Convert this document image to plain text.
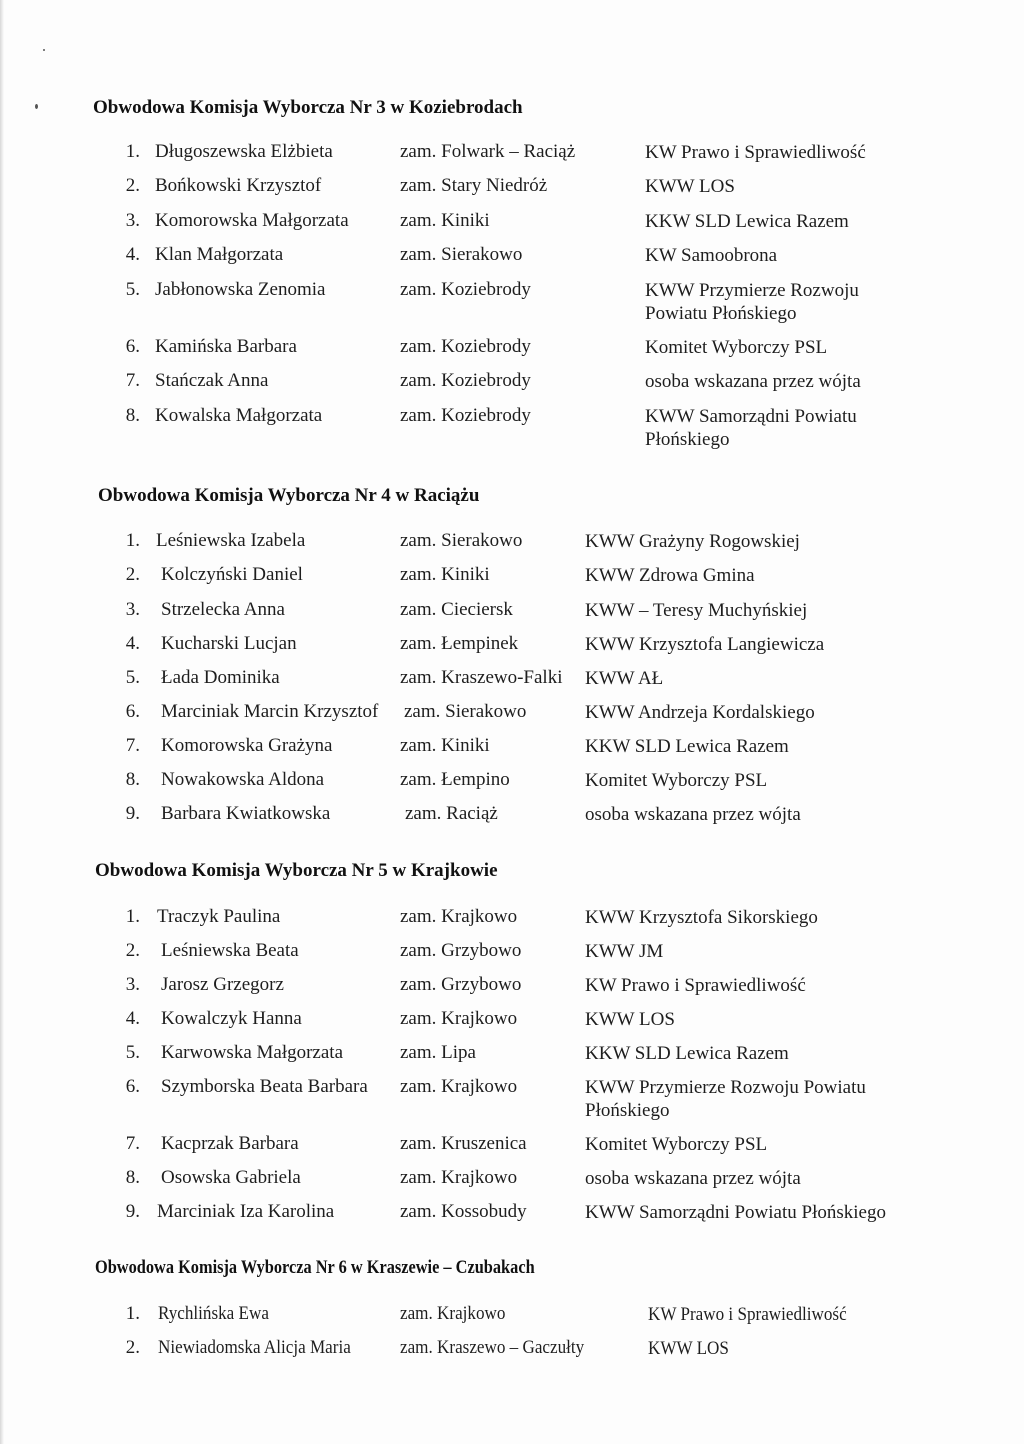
Obwodowa Komisja Wyborcza Nr 3 w Koziebrodach
1. Długoszewska Elżbieta	zam. Folwark – Raciąż	KW Prawo i Sprawiedliwość
2. Bońkowski Krzysztof	zam. Stary Niedróż	KWW LOS
3. Komorowska Małgorzata	zam. Kiniki	KKW SLD Lewica Razem
4. Klan Małgorzata	zam. Sierakowo	KW Samoobrona
5. Jabłonowska Zenomia	zam. Koziebrody	KWW Przymierze Rozwoju
Powiatu Płońskiego
6. Kamińska Barbara	zam. Koziebrody	Komitet Wyborczy PSL
7. Stańczak Anna	zam. Koziebrody	osoba wskazana przez wójta
8. Kowalska Małgorzata	zam. Koziebrody	KWW Samorządni Powiatu
Płońskiego
Obwodowa Komisja Wyborcza Nr 4 w Raciążu
1. Leśniewska Izabela	zam. Sierakowo	KWW Grażyny Rogowskiej
2. Kolczyński Daniel	zam. Kiniki	KWW Zdrowa Gmina
3. Strzelecka Anna	zam. Cieciersk	KWW – Teresy Muchyńskiej
4. Kucharski Lucjan	zam. Łempinek	KWW Krzysztofa Langiewicza
5. Łada Dominika	zam. Kraszewo-Falki KWW AŁ
6. Marciniak Marcin Krzysztof zam. Sierakowo	KWW Andrzeja Kordalskiego
7. Komorowska Grażyna	zam. Kiniki	KKW SLD Lewica Razem
8. Nowakowska Aldona	zam. Łempino	Komitet Wyborczy PSL
9. Barbara Kwiatkowska	zam. Raciąż	osoba wskazana przez wójta
Obwodowa Komisja Wyborcza Nr 5 w Krajkowie
1. Traczyk Paulina	zam. Krajkowo	KWW Krzysztofa Sikorskiego
2. Leśniewska Beata	zam. Grzybowo	KWW JM
3. Jarosz Grzegorz	zam. Grzybowo	KW Prawo i Sprawiedliwość
4. Kowalczyk Hanna	zam. Krajkowo	KWW LOS
5. Karwowska Małgorzata	zam. Lipa	KKW SLD Lewica Razem
6. Szymborska Beata Barbara zam. Krajkowo	KWW Przymierze Rozwoju Powiatu
Płońskiego
7. Kacprzak Barbara	zam. Kruszenica	Komitet Wyborczy PSL
8. Osowska Gabriela	zam. Krajkowo	osoba wskazana przez wójta
9. Marciniak Iza Karolina	zam. Kossobudy	KWW Samorządni Powiatu Płońskiego
Obwodowa Komisja Wyborcza Nr 6 w Kraszewie – Czubakach
1. Rychlińska Ewa	zam. Krajkowo	KW Prawo i Sprawiedliwość
2. Niewiadomska Alicja Maria	zam. Kraszewo – Gaczułty	KWW LOS
